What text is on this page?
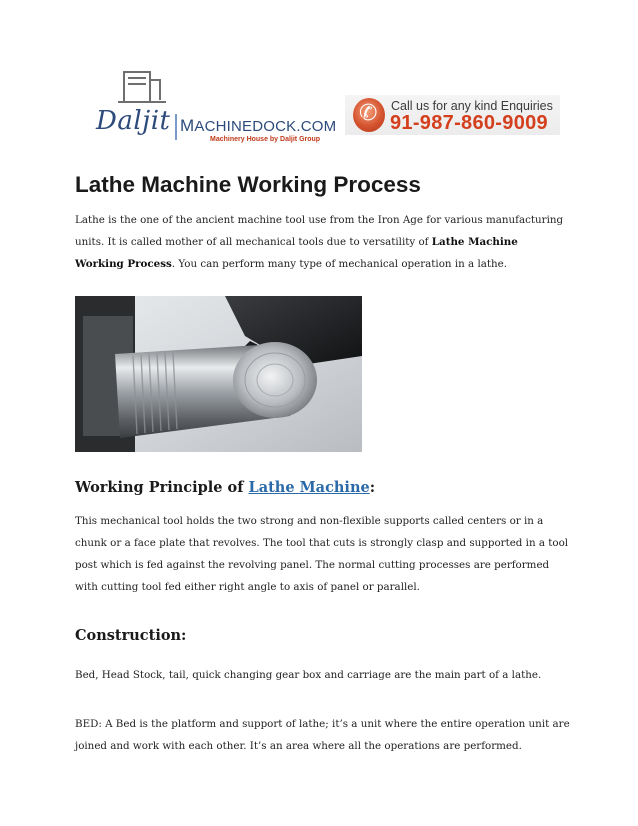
Daljit MACHINEDOCK.COM
Machinery House by Daljit Group
✆
Call us for any kind Enquiries
91-987-860-9009
Lathe Machine Working Process

Lathe is the one of the ancient machine tool use from the Iron Age for various manufacturing units. It is called mother of all mechanical tools due to versatility of Lathe Machine Working Process. You can perform many type of mechanical operation in a lathe.

Working Principle of Lathe Machine:

This mechanical tool holds the two strong and non-flexible supports called centers or in a chunk or a face plate that revolves. The tool that cuts is strongly clasp and supported in a tool post which is fed against the revolving panel. The normal cutting processes are performed with cutting tool fed either right angle to axis of panel or parallel.

Construction:

Bed, Head Stock, tail, quick changing gear box and carriage are the main part of a lathe.

BED: A Bed is the platform and support of lathe; it’s a unit where the entire operation unit are joined and work with each other. It’s an area where all the operations are performed.
